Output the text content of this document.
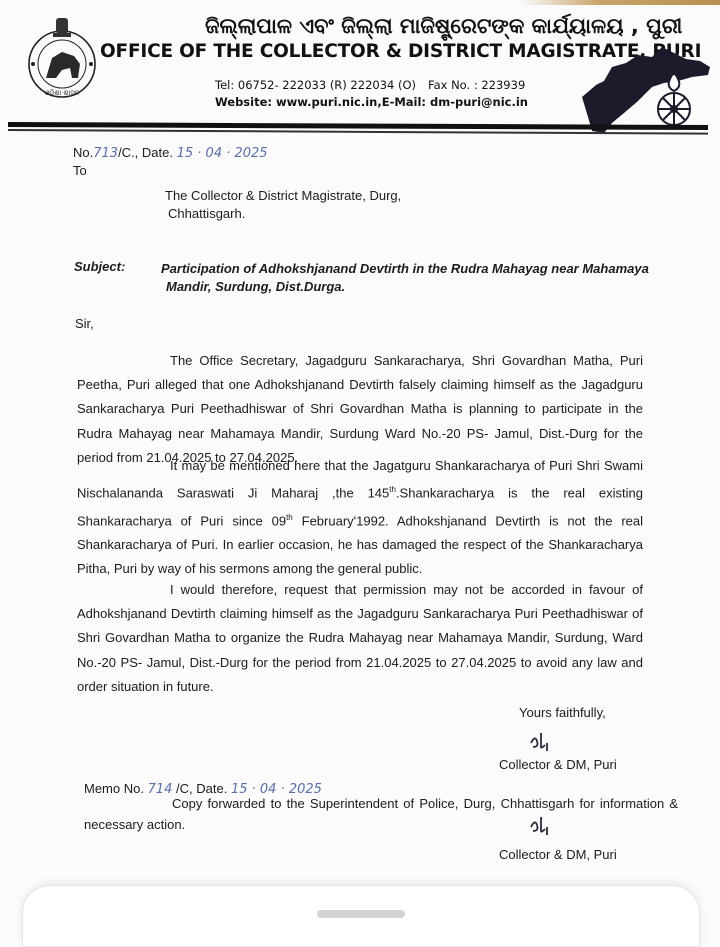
ଓଡ଼ିଶା ଶାସନ
ଜିଲ୍ଲାପାଳ ଏବଂ ଜିଲ୍ଲା ମାଜିଷ୍ଟ୍ରେଟଙ୍କ କାର୍ଯ୍ୟାଳୟ , ପୁରୀ
OFFICE OF THE COLLECTOR & DISTRICT MAGISTRATE, PURI
Tel: 06752- 222033 (R) 222034 (O) Fax No. : 223939
Website: www.puri.nic.in,E-Mail: dm-puri@nic.in
No.713/C., Date. 15 · 04 · 2025
To
The Collector & District Magistrate, Durg,
Chhattisgarh.
Subject:	Participation of Adhokshjanand Devtirth in the Rudra Mahayag near Mahamaya
Mandir, Surdung, Dist.Durga.
Sir,
The Office Secretary, Jagadguru Sankaracharya, Shri Govardhan Matha, Puri Peetha, Puri alleged that one Adhokshjanand Devtirth falsely claiming himself as the Jagadguru Sankaracharya Puri Peethadhiswar of Shri Govardhan Matha is planning to participate in the Rudra Mahayag near Mahamaya Mandir, Surdung Ward No.-20 PS- Jamul, Dist.-Durg for the period from 21.04.2025 to 27.04.2025.
It may be mentioned here that the Jagatguru Shankaracharya of Puri Shri Swami Nischalananda Saraswati Ji Maharaj ,the 145th.Shankaracharya is the real existing Shankaracharya of Puri since 09th February'1992. Adhokshjanand Devtirth is not the real Shankaracharya of Puri. In earlier occasion, he has damaged the respect of the Shankaracharya Pitha, Puri by way of his sermons among the general public.
I would therefore, request that permission may not be accorded in favour of Adhokshjanand Devtirth claiming himself as the Jagadguru Sankaracharya Puri Peethadhiswar of Shri Govardhan Matha to organize the Rudra Mahayag near Mahamaya Mandir, Surdung, Ward No.-20 PS- Jamul, Dist.-Durg for the period from 21.04.2025 to 27.04.2025 to avoid any law and order situation in future.
Yours faithfully,
Collector & DM, Puri
Memo No. 714 /C, Date. 15 · 04 · 2025
Copy forwarded to the Superintendent of Police, Durg, Chhattisgarh for information &
necessary action.
Collector & DM, Puri
